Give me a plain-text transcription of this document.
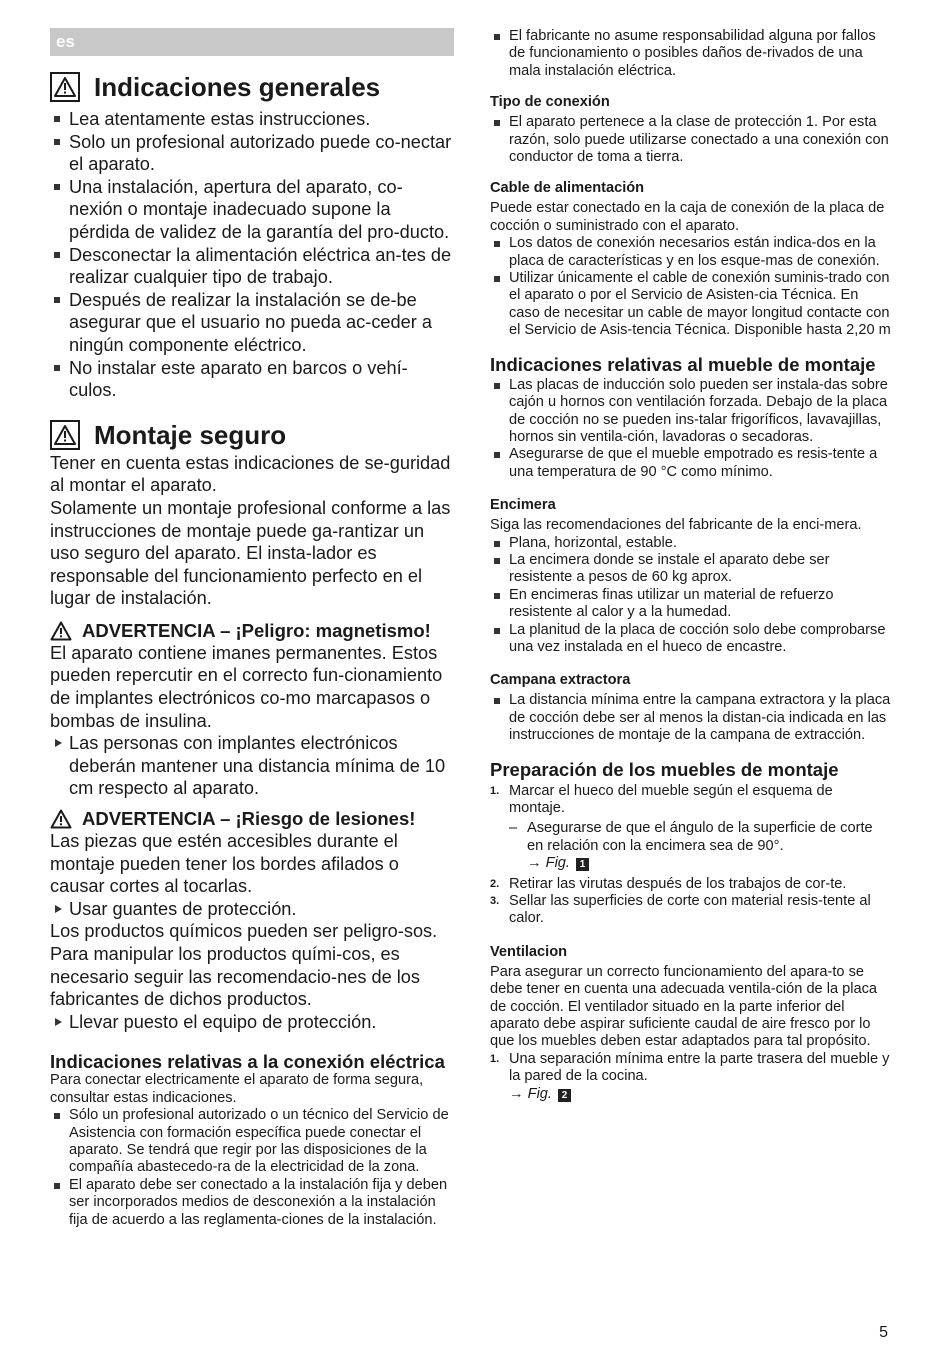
es
Indicaciones generales
Lea atentamente estas instrucciones.
Solo un profesional autorizado puede co-nectar el aparato.
Una instalación, apertura del aparato, co-nexión o montaje inadecuado supone la pérdida de validez de la garantía del pro-ducto.
Desconectar la alimentación eléctrica an-tes de realizar cualquier tipo de trabajo.
Después de realizar la instalación se de-be asegurar que el usuario no pueda ac-ceder a ningún componente eléctrico.
No instalar este aparato en barcos o vehí-culos.
Montaje seguro

Tener en cuenta estas indicaciones de se-guridad al montar el aparato.

Solamente un montaje profesional conforme a las instrucciones de montaje puede ga-rantizar un uso seguro del aparato. El insta-lador es responsable del funcionamiento perfecto en el lugar de instalación.

ADVERTENCIA – ¡Peligro: magnetismo!

El aparato contiene imanes permanentes. Estos pueden repercutir en el correcto fun-cionamiento de implantes electrónicos co-mo marcapasos o bombas de insulina.

Las personas con implantes electrónicos deberán mantener una distancia mínima de 10 cm respecto al aparato.
ADVERTENCIA – ¡Riesgo de lesiones!

Las piezas que estén accesibles durante el montaje pueden tener los bordes afilados o causar cortes al tocarlas.

Usar guantes de protección.

Los productos químicos pueden ser peligro-sos. Para manipular los productos quími-cos, es necesario seguir las recomendacio-nes de los fabricantes de dichos productos.

Llevar puesto el equipo de protección.
Indicaciones relativas a la conexión eléctrica

Para conectar electricamente el aparato de forma segura, consultar estas indicaciones.

Sólo un profesional autorizado o un técnico del Servicio de Asistencia con formación específica puede conectar el aparato. Se tendrá que regir por las disposiciones de la compañía abastecedo-ra de la electricidad de la zona.
El aparato debe ser conectado a la instalación fija y deben ser incorporados medios de desconexión a la instalación fija de acuerdo a las reglamenta-ciones de la instalación.
El fabricante no asume responsabilidad alguna por fallos de funcionamiento o posibles daños de-rivados de una mala instalación eléctrica.
Tipo de conexión
El aparato pertenece a la clase de protección 1. Por esta razón, solo puede utilizarse conectado a una conexión con conductor de toma a tierra.
Cable de alimentación

Puede estar conectado en la caja de conexión de la placa de cocción o suministrado con el aparato.

Los datos de conexión necesarios están indica-dos en la placa de características y en los esque-mas de conexión.
Utilizar únicamente el cable de conexión suminis-trado con el aparato o por el Servicio de Asisten-cia Técnica. En caso de necesitar un cable de mayor longitud contacte con el Servicio de Asis-tencia Técnica. Disponible hasta 2,20 m
Indicaciones relativas al mueble de montaje
Las placas de inducción solo pueden ser instala-das sobre cajón u hornos con ventilación forzada. Debajo de la placa de cocción no se pueden ins-talar frigoríficos, lavavajillas, hornos sin ventila-ción, lavadoras o secadoras.
Asegurarse de que el mueble empotrado es resis-tente a una temperatura de 90 °C como mínimo.
Encimera

Siga las recomendaciones del fabricante de la enci-mera.

Plana, horizontal, estable.
La encimera donde se instale el aparato debe ser resistente a pesos de 60 kg aprox.
En encimeras finas utilizar un material de refuerzo resistente al calor y a la humedad.
La planitud de la placa de cocción solo debe comprobarse una vez instalada en el hueco de encastre.
Campana extractora
La distancia mínima entre la campana extractora y la placa de cocción debe ser al menos la distan-cia indicada en las instrucciones de montaje de la campana de extracción.
Preparación de los muebles de montaje
1. Marcar el hueco del mueble según el esquema de montaje.
– Asegurarse de que el ángulo de la superficie de corte en relación con la encimera sea de 90°.
→ Fig. 1
2. Retirar las virutas después de los trabajos de cor-te.
3. Sellar las superficies de corte con material resis-tente al calor.
Ventilacion

Para asegurar un correcto funcionamiento del apara-to se debe tener en cuenta una adecuada ventila-ción de la placa de cocción. El ventilador situado en la parte inferior del aparato debe aspirar suficiente caudal de aire fresco por lo que los muebles deben estar adaptados para tal propósito.

1. Una separación mínima entre la parte trasera del mueble y la pared de la cocina.
→ Fig. 2
5
